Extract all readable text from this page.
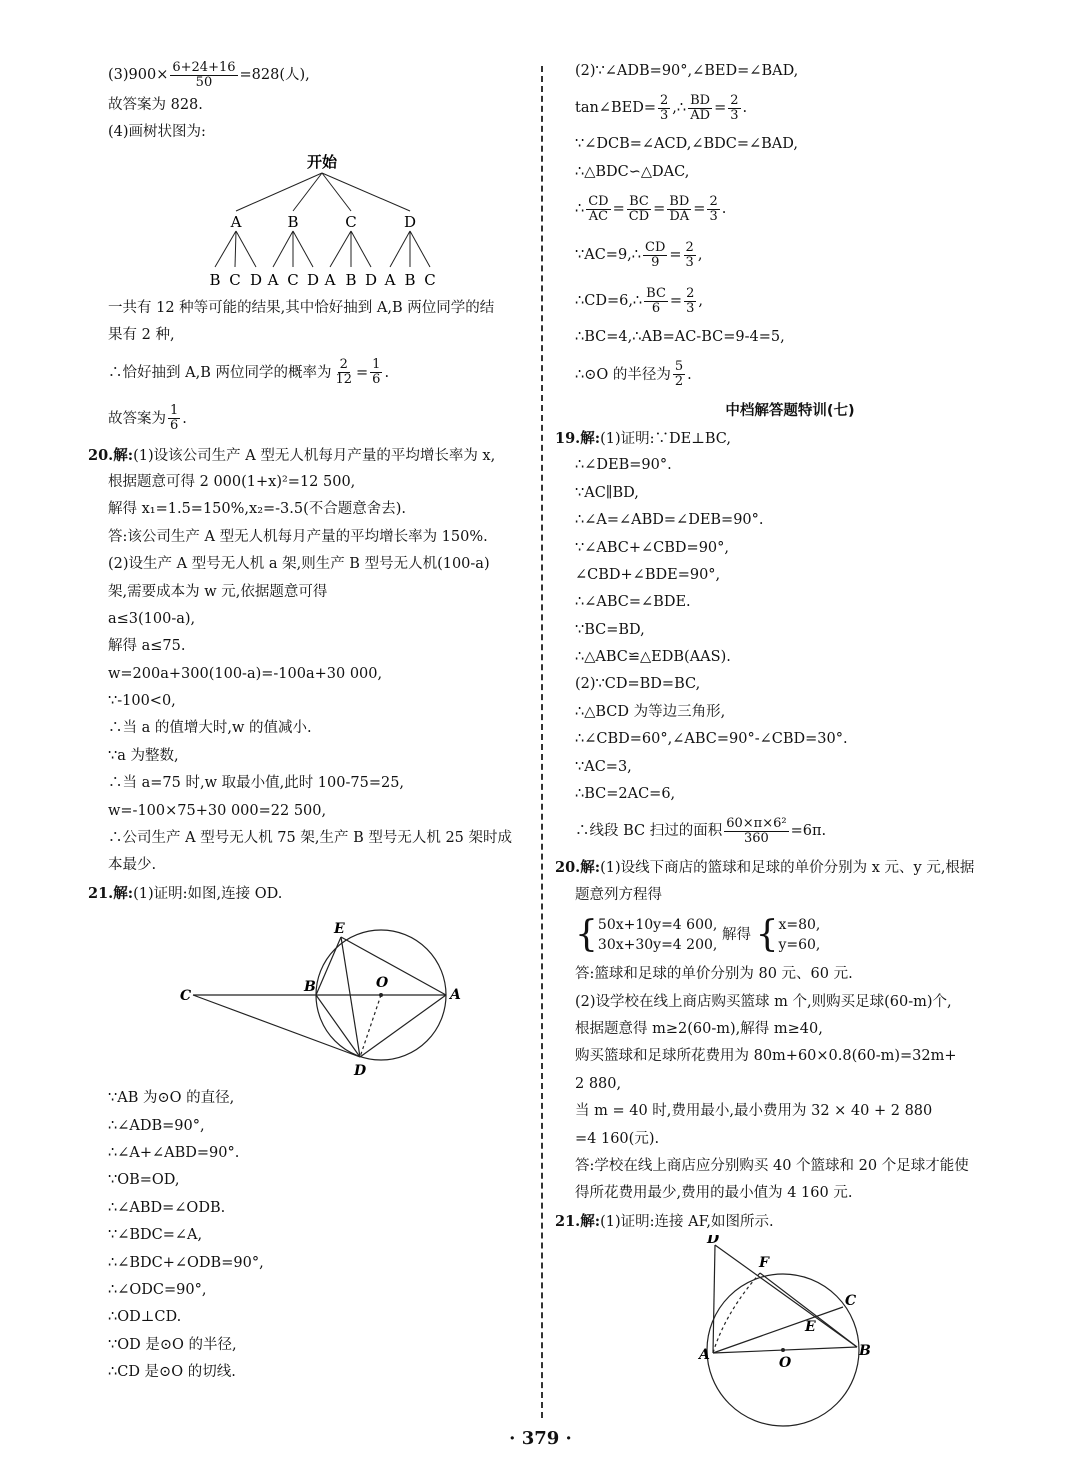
$(3)900\times \frac{6+24+16}{50} =828$(人),
故答案为 828.
(4)画树状图为:
开始
A	B	C	D
B C D A C D A B D A B C
一共有 12 种等可能的结果,其中恰好抽到 A,B 两位同学的结
果有 2 种,
∴恰好抽到 A,B 两位同学的概率为 $\frac{2}{12} = \frac{1}{6}$ .
故答案为 $\frac{1}{6}$ .
20.解:(1)设该公司生产 A 型无人机每月产量的平均增长率为 x,
根据题意可得 2 000(1+x)²=12 500,
解得 x₁=1.5=150%,x₂=-3.5(不合题意舍去).
答:该公司生产 A 型无人机每月产量的平均增长率为 150%.
(2)设生产 A 型号无人机 a 架,则生产 B 型号无人机(100-a)
架,需要成本为 w 元,依据题意可得
a≤3(100-a),
解得 a≤75.
w=200a+300(100-a)=-100a+30 000,
∵-100<0,
∴当 a 的值增大时,w 的值减小.
∵a 为整数,
∴当 a=75 时,w 取最小值,此时 100-75=25,
w=-100×75+30 000=22 500,
∴公司生产 A 型号无人机 75 架,生产 B 型号无人机 25 架时成
本最少.
21.解:(1)证明:如图,连接 OD.
E
C
B	O
A
D
∵AB 为⊙O 的直径,
∴∠ADB=90°,
∴∠A+∠ABD=90°.
∵OB=OD,
∴∠ABD=∠ODB.
∵∠BDC=∠A,
∴∠BDC+∠ODB=90°,
∴∠ODC=90°,
∴OD⊥CD.
∵OD 是⊙O 的半径,
∴CD 是⊙O 的切线.
(2)∵∠ADB=90°,∠BED=∠BAD,
tan∠BED= $\frac{2}{3}$ ,∴ $\frac{BD}{AD} = \frac{2}{3}$ .
∵∠DCB=∠ACD,∠BDC=∠BAD,
∴△BDC∽△DAC,
∴ $\frac{CD}{AC} = \frac{BC}{CD} = \frac{BD}{DA} = \frac{2}{3}$ .
∵AC=9,∴ $\frac{CD}{9} = \frac{2}{3}$ ,
∴CD=6,∴ $\frac{BC}{6} = \frac{2}{3}$ ,
∴BC=4,∴AB=AC-BC=9-4=5,
∴⊙O 的半径为 $\frac{5}{2}$ .
中档解答题特训(七)
19.解:(1)证明:∵DE⊥BC,
∴∠DEB=90°.
∵AC∥BD,
∴∠A=∠ABD=∠DEB=90°.
∵∠ABC+∠CBD=90°,
∠CBD+∠BDE=90°,
∴∠ABC=∠BDE.
∵BC=BD,
∴△ABC≌△EDB(AAS).
(2)∵CD=BD=BC,
∴△BCD 为等边三角形,
∴∠CBD=60°,∠ABC=90°-∠CBD=30°.
∵AC=3,
∴BC=2AC=6,
∴线段 BC 扫过的面积 $\frac{\text{60×π×6²}}{360} =6\pi$.
20.解:(1)设线下商店的篮球和足球的单价分别为 x 元、y 元,根据
题意列方程得
{ 50x+10y=4 600,
30x+30y=4 200,
解得 { x=80,
y=60,
答:篮球和足球的单价分别为 80 元、60 元.
(2)设学校在线上商店购买篮球 m 个,则购买足球(60-m)个,
根据题意得 m≥2(60-m),解得 m≥40,
购买篮球和足球所花费用为 80m+60×0.8(60-m)=32m+
2 880,
当 m = 40 时,费用最小,最小费用为 32 × 40 + 2 880
=4 160(元).
答:学校在线上商店应分别购买 40 个篮球和 20 个足球才能使
得所花费用最少,费用的最小值为 4 160 元.
21.解:(1)证明:连接 AF,如图所示.
D
F
C
E
A	O
B
· 379 ·
